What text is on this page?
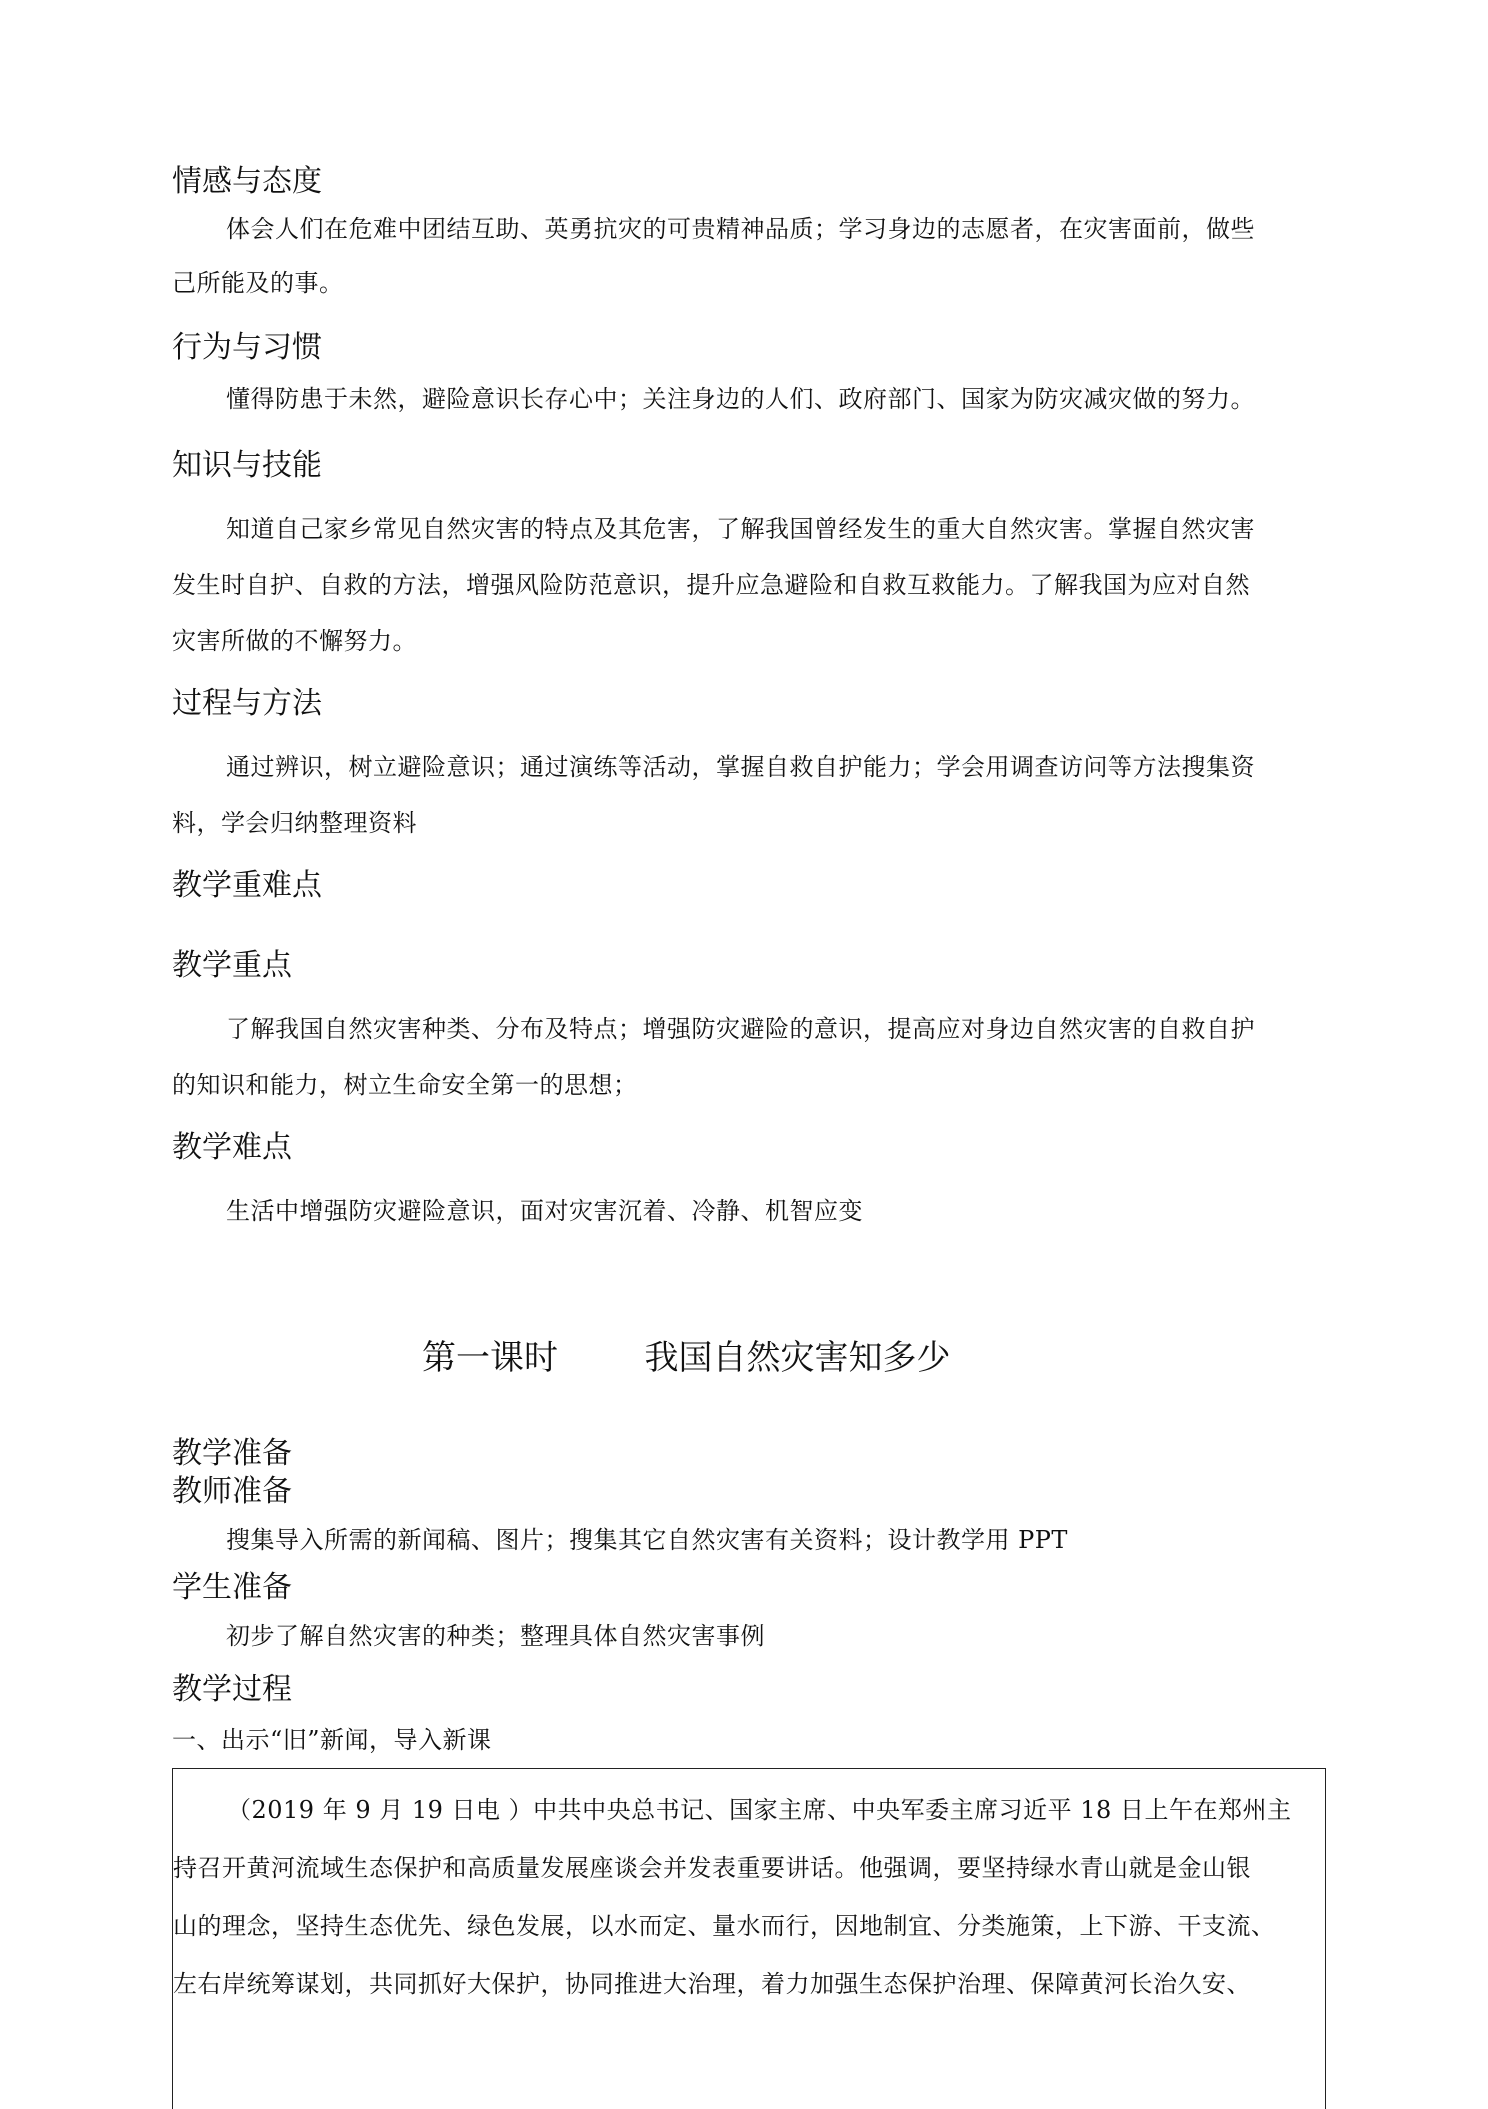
情感与态度
体会人们在危难中团结互助、英勇抗灾的可贵精神品质；学习身边的志愿者，在灾害面前，做些
己所能及的事。
行为与习惯
懂得防患于未然，避险意识长存心中；关注身边的人们、政府部门、国家为防灾减灾做的努力。
知识与技能
知道自己家乡常见自然灾害的特点及其危害，了解我国曾经发生的重大自然灾害。掌握自然灾害
发生时自护、自救的方法，增强风险防范意识，提升应急避险和自救互救能力。了解我国为应对自然
灾害所做的不懈努力。
过程与方法
通过辨识，树立避险意识；通过演练等活动，掌握自救自护能力；学会用调查访问等方法搜集资
料，学会归纳整理资料
教学重难点
教学重点
了解我国自然灾害种类、分布及特点；增强防灾避险的意识，提高应对身边自然灾害的自救自护
的知识和能力，树立生命安全第一的思想；
教学难点
生活中增强防灾避险意识，面对灾害沉着、冷静、机智应变
第一课时        我国自然灾害知多少
教学准备
教师准备
搜集导入所需的新闻稿、图片；搜集其它自然灾害有关资料；设计教学用 PPT
学生准备
初步了解自然灾害的种类；整理具体自然灾害事例
教学过程
一、出示“旧”新闻，导入新课
（2019 年 9 月 19 日电 ）中共中央总书记、国家主席、中央军委主席习近平 18 日上午在郑州主
持召开黄河流域生态保护和高质量发展座谈会并发表重要讲话。他强调，要坚持绿水青山就是金山银
山的理念，坚持生态优先、绿色发展，以水而定、量水而行，因地制宜、分类施策，上下游、干支流、
左右岸统筹谋划，共同抓好大保护，协同推进大治理，着力加强生态保护治理、保障黄河长治久安、
